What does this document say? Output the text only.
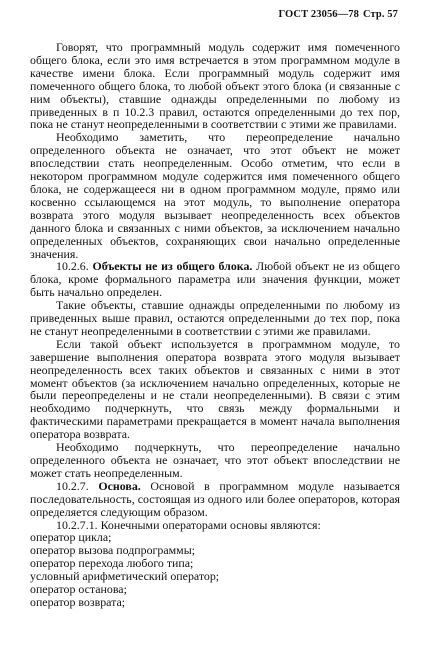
ГОСТ 23056—78 Стр. 57

Говорят, что программный модуль содержит имя помеченного общего блока, если это имя встречается в этом программном модуле в качестве имени блока. Если программный модуль содержит имя помеченного общего блока, то любой объект этого блока (и связанные с ним объекты), ставшие однажды определенными по любому из приведенных в п 10.2.3 правил, остаются определенными до тех пор, пока не станут неопределенными в соответствии с этими же правилами.

Необходимо заметить, что переопределение начально определенного объекта не означает, что этот объект не может впоследствии стать неопределенным. Особо отметим, что если в некотором программном модуле содержится имя помеченного общего блока, не содержащееся ни в одном программном модуле, прямо или косвенно ссылающемся на этот модуль, то выполнение оператора возврата этого модуля вызывает неопределенность всех объектов данного блока и связанных с ними объектов, за исключением начально определенных объектов, сохраняющих свои начально определенные значения.

10.2.6. Объекты не из общего блока. Любой объект не из общего блока, кроме формального параметра или значения функции, может быть начально определен.

Такие объекты, ставшие однажды определенными по любому из приведенных выше правил, остаются определенными до тех пор, пока не станут неопределенными в соответствии с этими же правилами.

Если такой объект используется в программном модуле, то завершение выполнения оператора возврата этого модуля вызывает неопределенность всех таких объектов и связанных с ними в этот момент объектов (за исключением начально определенных, которые не были переопределены и не стали неопределенными). В связи с этим необходимо подчеркнуть, что связь между формальными и фактическими параметрами прекращается в момент начала выполнения оператора возврата.

Необходимо подчеркнуть, что переопределение начально определенного объекта не означает, что этот объект впоследствии не может стать неопределенным.

10.2.7. Основа. Основой в программном модуле называется последовательность, состоящая из одного или более операторов, которая определяется следующим образом.

10.2.7.1. Конечными операторами основы являются:

оператор цикла;
оператор вызова подпрограммы;
оператор перехода любого типа;
условный арифметический оператор;
оператор останова;
оператор возврата;
